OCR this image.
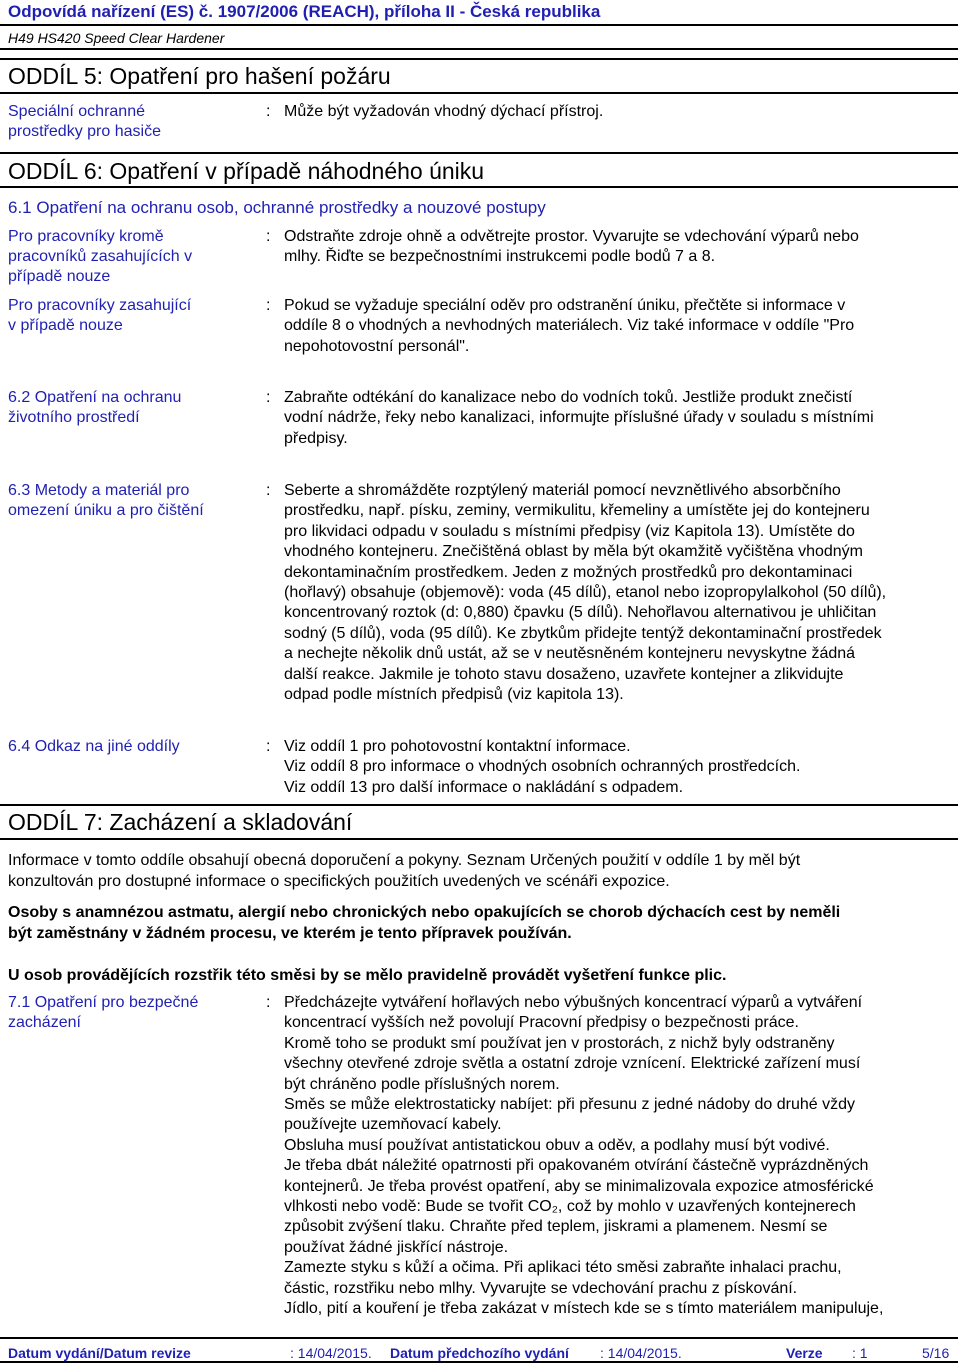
Odpovídá nařízení (ES) č. 1907/2006 (REACH), příloha II - Česká republika
H49 HS420 Speed Clear Hardener
ODDÍL 5: Opatření pro hašení požáru
Speciální ochranné
prostředky pro hasiče
: Může být vyžadován vhodný dýchací přístroj.
ODDÍL 6: Opatření v případě náhodného úniku
6.1 Opatření na ochranu osob, ochranné prostředky a nouzové postupy
Pro pracovníky kromě
pracovníků zasahujících v
případě nouze
: Odstraňte zdroje ohně a odvětrejte prostor. Vyvarujte se vdechování výparů nebo
mlhy. Řiďte se bezpečnostními instrukcemi podle bodů 7 a 8.
Pro pracovníky zasahující
v případě nouze
: Pokud se vyžaduje speciální oděv pro odstranění úniku, přečtěte si informace v
oddíle 8 o vhodných a nevhodných materiálech. Viz také informace v oddíle "Pro
nepohotovostní personál".
6.2 Opatření na ochranu
životního prostředí
: Zabraňte odtékání do kanalizace nebo do vodních toků. Jestliže produkt znečistí
vodní nádrže, řeky nebo kanalizaci, informujte příslušné úřady v souladu s místními
předpisy.
6.3 Metody a materiál pro
omezení úniku a pro čištění
: Seberte a shromážděte rozptýlený materiál pomocí nevznětlivého absorbčního
prostředku, např. písku, zeminy, vermikulitu, křemeliny a umístěte jej do kontejneru
pro likvidaci odpadu v souladu s místními předpisy (viz Kapitola 13). Umístěte do
vhodného kontejneru. Znečištěná oblast by měla být okamžitě vyčištěna vhodným
dekontaminačním prostředkem. Jeden z možných prostředků pro dekontaminaci
(hořlavý) obsahuje (objemově): voda (45 dílů), etanol nebo izopropylalkohol (50 dílů),
koncentrovaný roztok (d: 0,880) čpavku (5 dílů). Nehořlavou alternativou je uhličitan
sodný (5 dílů), voda (95 dílů). Ke zbytkům přidejte tentýž dekontaminační prostředek
a nechejte několik dnů ustát, až se v neutěsněném kontejneru nevyskytne žádná
další reakce. Jakmile je tohoto stavu dosaženo, uzavřete kontejner a zlikvidujte
odpad podle místních předpisů (viz kapitola 13).
6.4 Odkaz na jiné oddíly	: Viz oddíl 1 pro pohotovostní kontaktní informace.
Viz oddíl 8 pro informace o vhodných osobních ochranných prostředcích.
Viz oddíl 13 pro další informace o nakládání s odpadem.
ODDÍL 7: Zacházení a skladování
Informace v tomto oddíle obsahují obecná doporučení a pokyny. Seznam Určených použití v oddíle 1 by měl být
konzultován pro dostupné informace o specifických použitích uvedených ve scénáři expozice.
Osoby s anamnézou astmatu, alergií nebo chronických nebo opakujících se chorob dýchacích cest by neměli
být zaměstnány v žádném procesu, ve kterém je tento přípravek používán.
U osob provádějících rozstřik této směsi by se mělo pravidelně provádět vyšetření funkce plic.
7.1 Opatření pro bezpečné
zacházení
: Předcházejte vytváření hořlavých nebo výbušných koncentrací výparů a vytváření
koncentrací vyšších než povolují Pracovní předpisy o bezpečnosti práce.
Kromě toho se produkt smí používat jen v prostorách, z nichž byly odstraněny
všechny otevřené zdroje světla a ostatní zdroje vznícení. Elektrické zařízení musí
být chráněno podle příslušných norem.
Směs se může elektrostaticky nabíjet: při přesunu z jedné nádoby do druhé vždy
používejte uzemňovací kabely.
Obsluha musí používat antistatickou obuv a oděv, a podlahy musí být vodivé.
Je třeba dbát náležité opatrnosti při opakovaném otvírání částečně vyprázdněných
kontejnerů. Je třeba provést opatření, aby se minimalizovala expozice atmosférické
vlhkosti nebo vodě: Bude se tvořit CO₂, což by mohlo v uzavřených kontejnerech
způsobit zvýšení tlaku. Chraňte před teplem, jiskrami a plamenem. Nesmí se
používat žádné jiskřící nástroje.
Zamezte styku s kůží a očima. Při aplikaci této směsi zabraňte inhalaci prachu,
částic, rozstřiku nebo mlhy. Vyvarujte se vdechování prachu z pískování.
Jídlo, pití a kouření je třeba zakázat v místech kde se s tímto materiálem manipuluje,
Datum vydání/Datum revize	: 14/04/2015. Datum předchozího vydání : 14/04/2015.	Verze : 1	5/16
